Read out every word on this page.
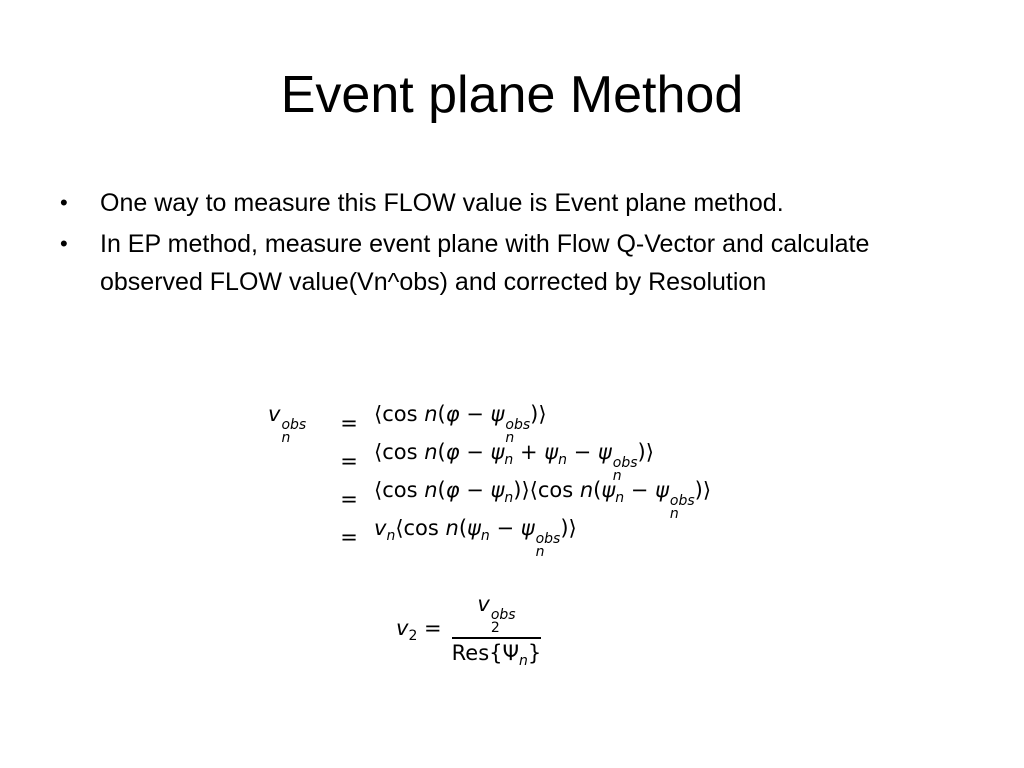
Event plane Method
• One way to measure this FLOW value is Event plane method.
• In EP method, measure event plane with Flow Q-Vector and calculate observed FLOW value(Vn^obs) and corrected by Resolution
v obs
n
= ⟨cos n(φ − ψ obs
n
)⟩
= ⟨cos $n(\varphi - \psi_n + \psi_n - \psi$ obs
n
)⟩
= ⟨cos $n(\varphi - \psi_n)⟩⟨\cos$ $n(\psi_n - \psi$ obs
n
)⟩
= $v_n⟨\cos$ $n(\psi_n - \psi$ obs
n
)⟩
$v_2 = v$ obs
2
$Res\{\Psi_n\}$
